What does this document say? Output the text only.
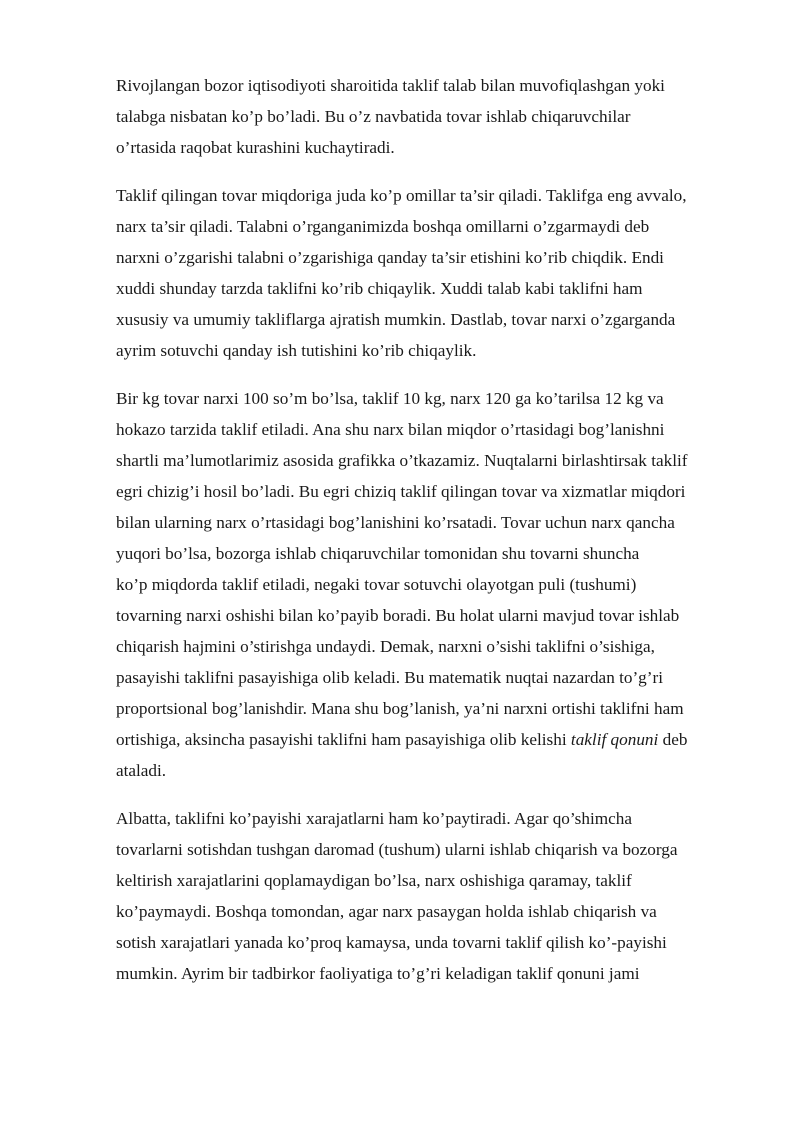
Rivojlangan bozor iqtisodiyoti sharoitida taklif talab bilan muvofiqlashgan yoki
talabga nisbatan ko’p bo’ladi. Bu o’z navbatida tovar ishlab chiqaruvchilar
o’rtasida raqobat kurashini kuchaytiradi.

Taklif qilingan tovar miqdoriga juda ko’p omillar ta’sir qiladi. Taklifga eng avvalo,
narx ta’sir qiladi. Talabni o’rganganimizda boshqa omillarni o’zgarmaydi deb
narxni o’zgarishi talabni o’zgarishiga qanday ta’sir etishini ko’rib chiqdik. Endi
xuddi shunday tarzda taklifni ko’rib chiqaylik. Xuddi talab kabi taklifni ham
xususiy va umumiy takliflarga ajratish mumkin. Dastlab, tovar narxi o’zgarganda
ayrim sotuvchi qanday ish tutishini ko’rib chiqaylik.

Bir kg tovar narxi 100 so’m bo’lsa, taklif 10 kg, narx 120 ga ko’tarilsa 12 kg va
hokazo tarzida taklif etiladi. Ana shu narx bilan miqdor o’rtasidagi bog’lanishni
shartli ma’lumotlarimiz asosida grafikka o’tkazamiz. Nuqtalarni birlashtirsak taklif
egri chizig’i hosil bo’ladi. Bu egri chiziq taklif qilingan tovar va xizmatlar miqdori
bilan ularning narx o’rtasidagi bog’lanishini ko’rsatadi. Tovar uchun narx qancha
yuqori bo’lsa, bozorga ishlab chiqaruvchilar tomonidan shu tovarni shuncha
ko’p miqdorda taklif etiladi, negaki tovar sotuvchi olayotgan puli (tushumi)
tovarning narxi oshishi bilan ko’payib boradi. Bu holat ularni mavjud tovar ishlab
chiqarish hajmini o’stirishga undaydi. Demak, narxni o’sishi taklifni o’sishiga,
pasayishi taklifni pasayishiga olib keladi. Bu matematik nuqtai nazardan to’g’ri
proportsional bog’lanishdir. Mana shu bog’lanish, ya’ni narxni ortishi taklifni ham
ortishiga, aksincha pasayishi taklifni ham pasayishiga olib kelishi taklif qonuni deb
ataladi.

Albatta, taklifni ko’payishi xarajatlarni ham ko’paytiradi. Agar qo’shimcha
tovarlarni sotishdan tushgan daromad (tushum) ularni ishlab chiqarish va bozorga
keltirish xarajatlarini qoplamaydigan bo’lsa, narx oshishiga qaramay, taklif
ko’paymaydi. Boshqa tomondan, agar narx pasaygan holda ishlab chiqarish va
sotish xarajatlari yanada ko’proq kamaysa, unda tovarni taklif qilish ko’-payishi
mumkin. Ayrim bir tadbirkor faoliyatiga to’g’ri keladigan taklif qonuni jami
